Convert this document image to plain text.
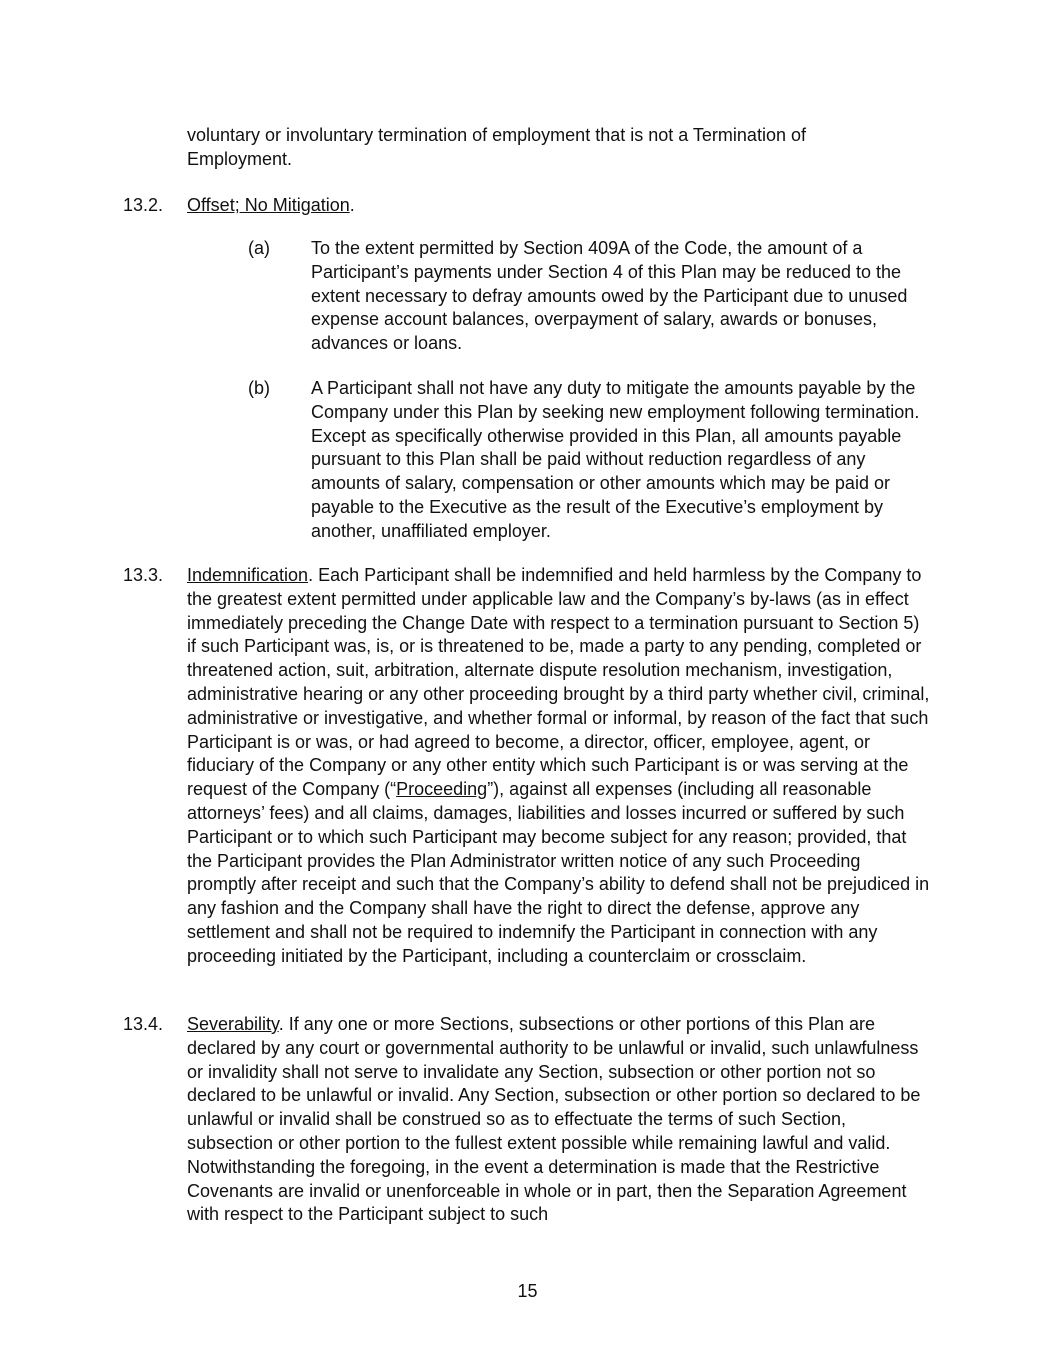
voluntary or involuntary termination of employment that is not a Termination of Employment.

13.2. Offset; No Mitigation.

(a) To the extent permitted by Section 409A of the Code, the amount of a Participant’s payments under Section 4 of this Plan may be reduced to the extent necessary to defray amounts owed by the Participant due to unused expense account balances, overpayment of salary, awards or bonuses, advances or loans.

(b) A Participant shall not have any duty to mitigate the amounts payable by the Company under this Plan by seeking new employment following termination. Except as specifically otherwise provided in this Plan, all amounts payable pursuant to this Plan shall be paid without reduction regardless of any amounts of salary, compensation or other amounts which may be paid or payable to the Executive as the result of the Executive’s employment by another, unaffiliated employer.

13.3. Indemnification. Each Participant shall be indemnified and held harmless by the Company to the greatest extent permitted under applicable law and the Company’s by-laws (as in effect immediately preceding the Change Date with respect to a termination pursuant to Section 5) if such Participant was, is, or is threatened to be, made a party to any pending, completed or threatened action, suit, arbitration, alternate dispute resolution mechanism, investigation, administrative hearing or any other proceeding brought by a third party whether civil, criminal, administrative or investigative, and whether formal or informal, by reason of the fact that such Participant is or was, or had agreed to become, a director, officer, employee, agent, or fiduciary of the Company or any other entity which such Participant is or was serving at the request of the Company (“Proceeding”), against all expenses (including all reasonable attorneys’ fees) and all claims, damages, liabilities and losses incurred or suffered by such Participant or to which such Participant may become subject for any reason; provided, that the Participant provides the Plan Administrator written notice of any such Proceeding promptly after receipt and such that the Company’s ability to defend shall not be prejudiced in any fashion and the Company shall have the right to direct the defense, approve any settlement and shall not be required to indemnify the Participant in connection with any proceeding initiated by the Participant, including a counterclaim or crossclaim.

13.4. Severability. If any one or more Sections, subsections or other portions of this Plan are declared by any court or governmental authority to be unlawful or invalid, such unlawfulness or invalidity shall not serve to invalidate any Section, subsection or other portion not so declared to be unlawful or invalid. Any Section, subsection or other portion so declared to be unlawful or invalid shall be construed so as to effectuate the terms of such Section, subsection or other portion to the fullest extent possible while remaining lawful and valid. Notwithstanding the foregoing, in the event a determination is made that the Restrictive Covenants are invalid or unenforceable in whole or in part, then the Separation Agreement with respect to the Participant subject to such

15
